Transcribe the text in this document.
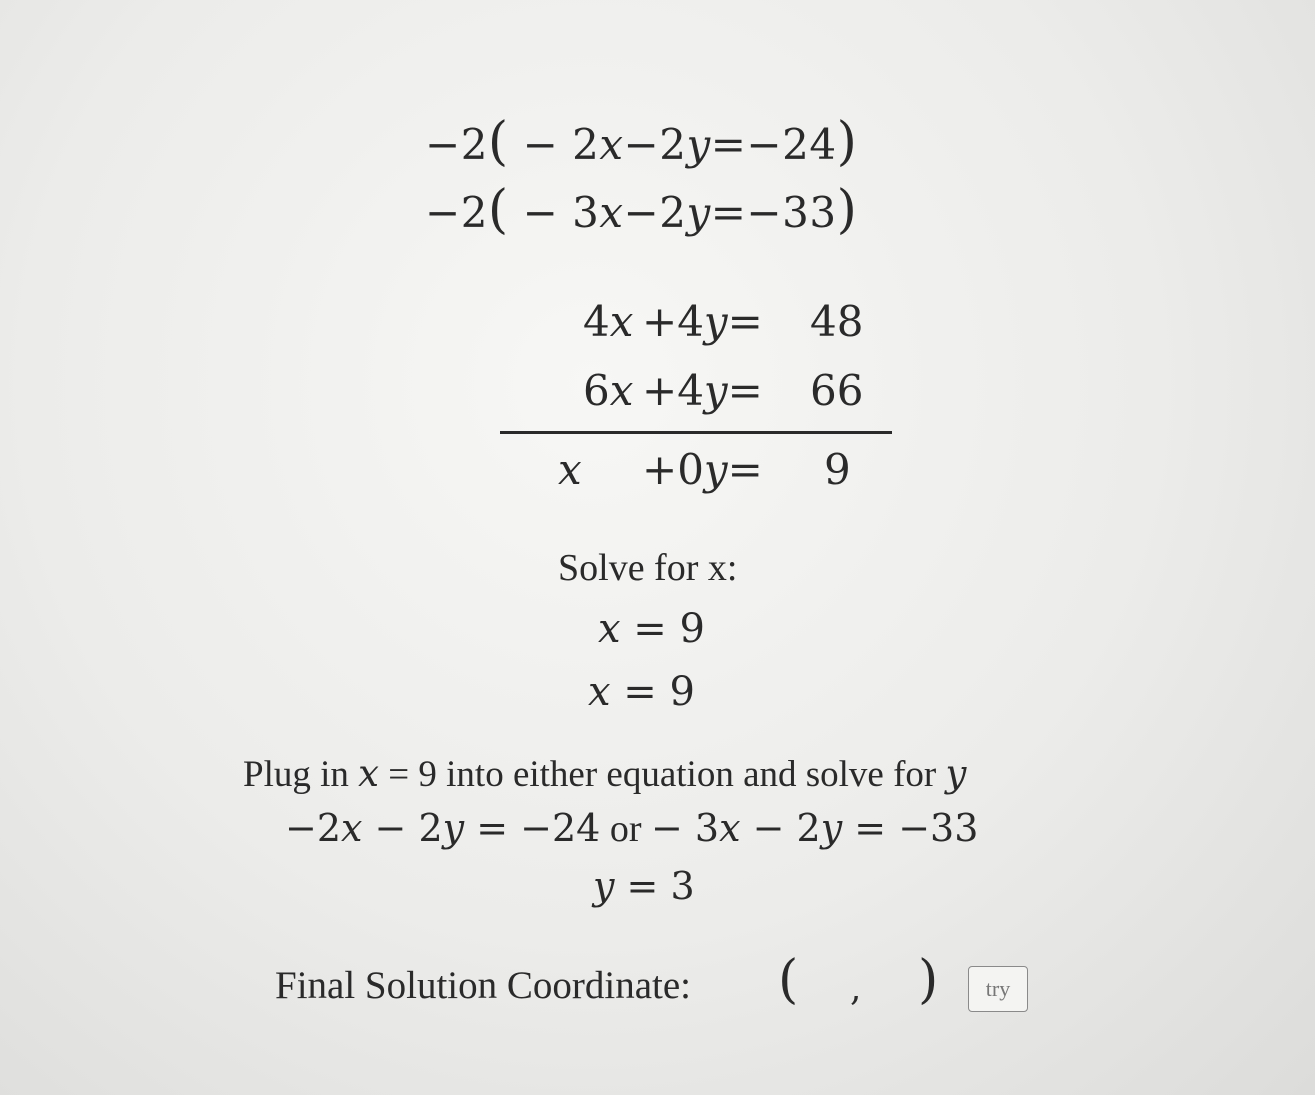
−2( − 2x−2y=−24)
−2( − 3x−2y=−33)
4x +4y= 48
6x +4y= 66
x +0y= 9
Solve for x:
x = 9
x = 9
Plug in x = 9 into either equation and solve for y
−2x − 2y = −24 or − 3x − 2y = −33
y = 3
Final Solution Coordinate: ( , )	try
